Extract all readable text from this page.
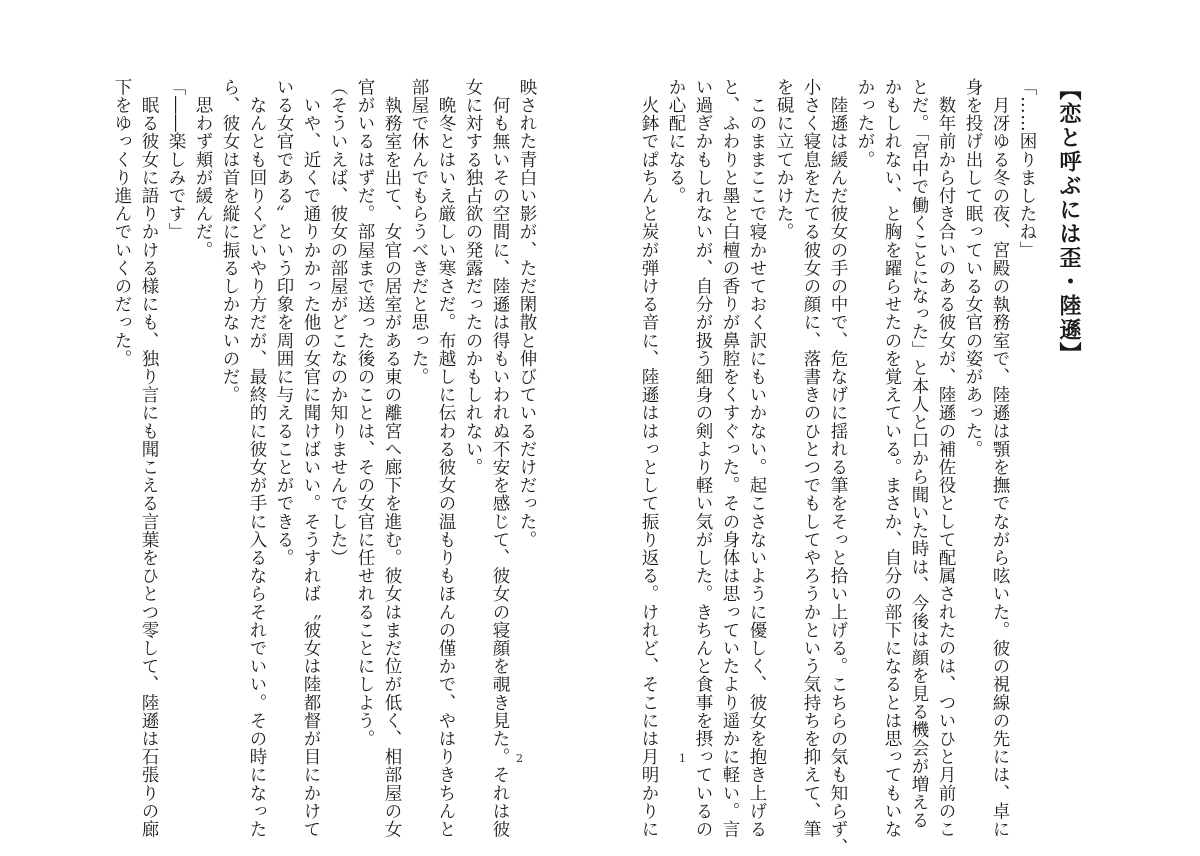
【恋と呼ぶには歪・陸遜】
「……困りましたね」
　月冴ゆる冬の夜、宮殿の執務室で、陸遜は顎を撫でながら呟いた。彼の視線の先には、卓に
身を投げ出して眠っている女官の姿があった。
　数年前から付き合いのある彼女が、陸遜の補佐役として配属されたのは、ついひと月前のこ
とだ。「宮中で働くことになった」と本人と口から聞いた時は、今後は顔を見る機会が増える
かもしれない、と胸を躍らせたのを覚えている。まさか、自分の部下になるとは思ってもいな
かったが。
　陸遜は緩んだ彼女の手の中で、危なげに揺れる筆をそっと拾い上げる。こちらの気も知らず、
小さく寝息をたてる彼女の顔に、落書きのひとつでもしてやろうかという気持ちを抑えて、筆
を硯に立てかけた。
　このままここで寝かせておく訳にもいかない。起こさないように優しく、彼女を抱き上げる
と、ふわりと墨と白檀の香りが鼻腔をくすぐった。その身体は思っていたより遥かに軽い。言
い過ぎかもしれないが、自分が扱う細身の剣より軽い気がした。きちんと食事を摂っているの
か心配になる。
　火鉢でぱちんと炭が弾ける音に、陸遜ははっとして振り返る。けれど、そこには月明かりに 1
映された青白い影が、ただ閑散と伸びているだけだった。
　何も無いその空間に、陸遜は得もいわれぬ不安を感じて、彼女の寝顔を覗き見た。それは彼
女に対する独占欲の発露だったのかもしれない。
　晩冬とはいえ厳しい寒さだ。布越しに伝わる彼女の温もりもほんの僅かで、やはりきちんと
部屋で休んでもらうべきだと思った。
　執務室を出て、女官の居室がある東の離宮へ廊下を進む。彼女はまだ位が低く、相部屋の女
官がいるはずだ。部屋まで送った後のことは、その女官に任せれることにしよう。
（そういえば、彼女の部屋がどこなのか知りませんでした）
　いや、近くで通りかかった他の女官に聞けばいい。そうすれば〝彼女は陸都督が目にかけて
いる女官である〟という印象を周囲に与えることができる。
　なんとも回りくどいやり方だが、最終的に彼女が手に入るならそれでいい。その時になった
ら、彼女は首を縦に振るしかないのだ。
　思わず頬が緩んだ。
「――楽しみです」
　眠る彼女に語りかける様にも、独り言にも聞こえる言葉をひとつ零して、陸遜は石張りの廊
下をゆっくり進んでいくのだった。
2
